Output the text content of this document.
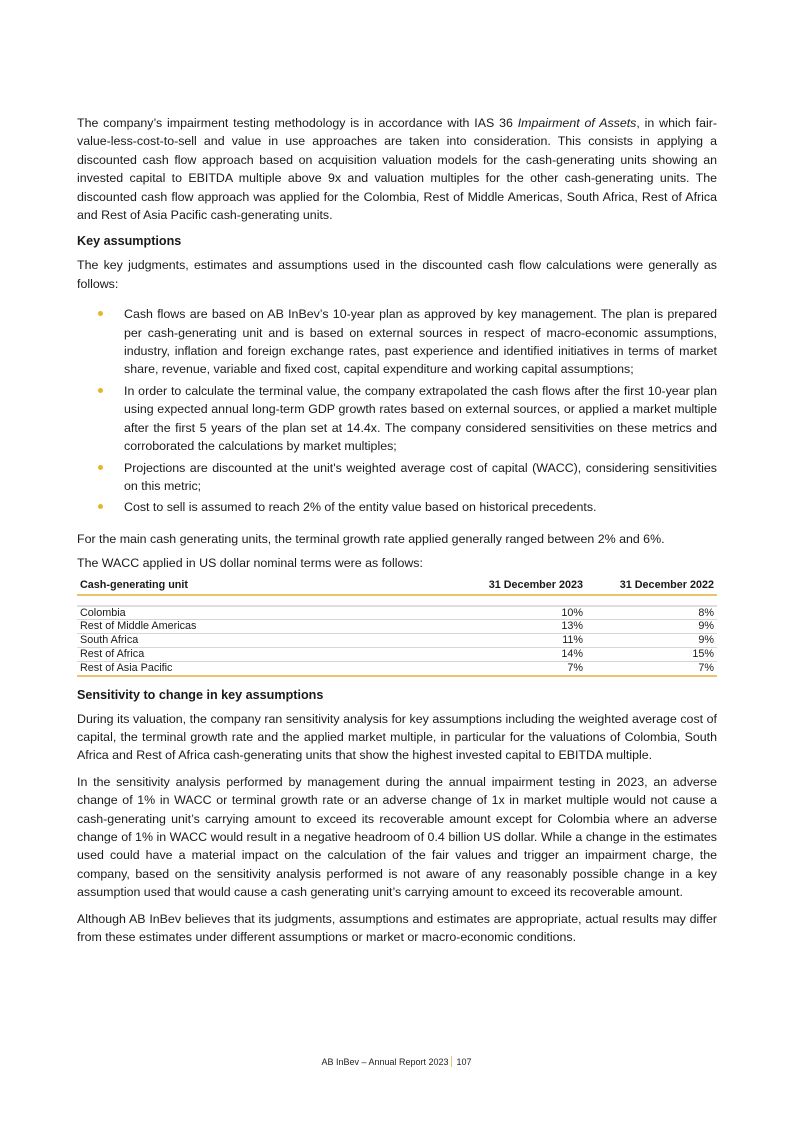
The company’s impairment testing methodology is in accordance with IAS 36 Impairment of Assets, in which fair-value-less-cost-to-sell and value in use approaches are taken into consideration. This consists in applying a discounted cash flow approach based on acquisition valuation models for the cash-generating units showing an invested capital to EBITDA multiple above 9x and valuation multiples for the other cash-generating units. The discounted cash flow approach was applied for the Colombia, Rest of Middle Americas, South Africa, Rest of Africa and Rest of Asia Pacific cash-generating units.

Key assumptions

The key judgments, estimates and assumptions used in the discounted cash flow calculations were generally as follows:

Cash flows are based on AB InBev’s 10-year plan as approved by key management. The plan is prepared per cash-generating unit and is based on external sources in respect of macro-economic assumptions, industry, inflation and foreign exchange rates, past experience and identified initiatives in terms of market share, revenue, variable and fixed cost, capital expenditure and working capital assumptions;
In order to calculate the terminal value, the company extrapolated the cash flows after the first 10-year plan using expected annual long-term GDP growth rates based on external sources, or applied a market multiple after the first 5 years of the plan set at 14.4x. The company considered sensitivities on these metrics and corroborated the calculations by market multiples;
Projections are discounted at the unit's weighted average cost of capital (WACC), considering sensitivities on this metric;
Cost to sell is assumed to reach 2% of the entity value based on historical precedents.

For the main cash generating units, the terminal growth rate applied generally ranged between 2% and 6%.

The WACC applied in US dollar nominal terms were as follows:

Cash-generating unit	31 December 2023	31 December 2022

Colombia	10%	8%
Rest of Middle Americas	13%	9%
South Africa	11%	9%
Rest of Africa	14%	15%
Rest of Asia Pacific	7%	7%
Sensitivity to change in key assumptions

During its valuation, the company ran sensitivity analysis for key assumptions including the weighted average cost of capital, the terminal growth rate and the applied market multiple, in particular for the valuations of Colombia, South Africa and Rest of Africa cash-generating units that show the highest invested capital to EBITDA multiple.

In the sensitivity analysis performed by management during the annual impairment testing in 2023, an adverse change of 1% in WACC or terminal growth rate or an adverse change of 1x in market multiple would not cause a cash-generating unit’s carrying amount to exceed its recoverable amount except for Colombia where an adverse change of 1% in WACC would result in a negative headroom of 0.4 billion US dollar. While a change in the estimates used could have a material impact on the calculation of the fair values and trigger an impairment charge, the company, based on the sensitivity analysis performed is not aware of any reasonably possible change in a key assumption used that would cause a cash generating unit’s carrying amount to exceed its recoverable amount.

Although AB InBev believes that its judgments, assumptions and estimates are appropriate, actual results may differ from these estimates under different assumptions or market or macro-economic conditions.

AB InBev – Annual Report 2023 107
